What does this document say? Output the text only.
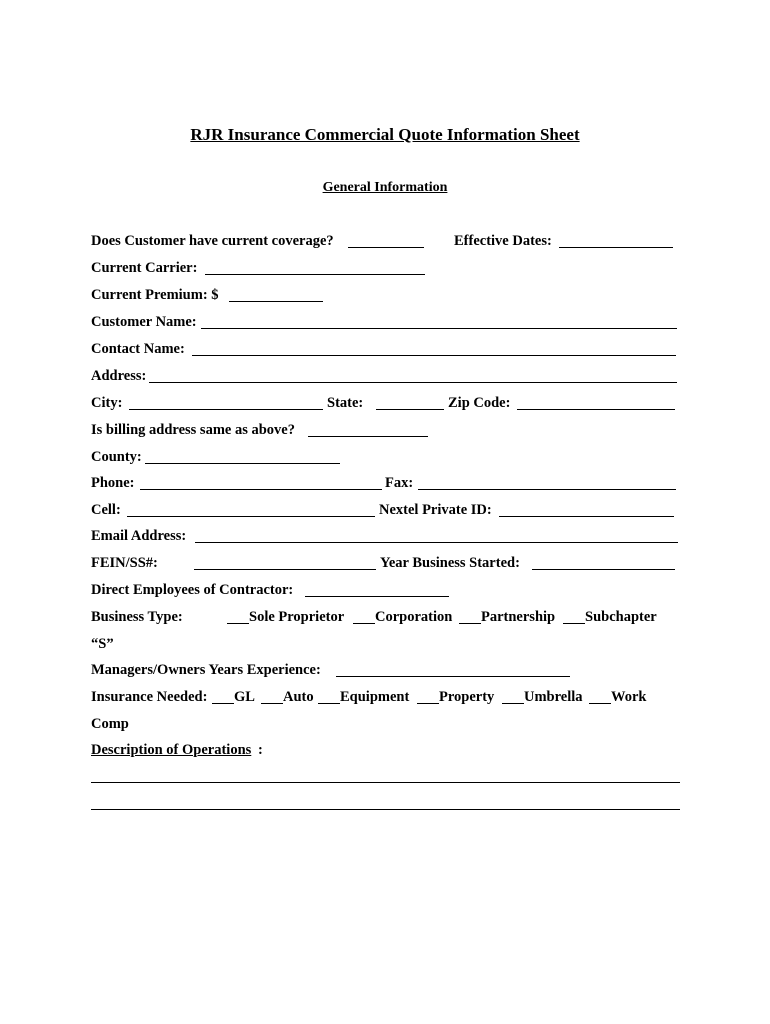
RJR Insurance Commercial Quote Information Sheet
General Information
Does Customer have current coverage?	Effective Dates:
Current Carrier:
Current Premium: $
Customer Name:
Contact Name:
Address:
City:	State:	Zip Code:
Is billing address same as above?
County:
Phone:	Fax:
Cell:	Nextel Private ID:
Email Address:
FEIN/SS#:	Year Business Started:
Direct Employees of Contractor:
Business Type:	Sole Proprietor Corporation Partnership Subchapter
“S”
Managers/Owners Years Experience:
Insurance Needed: GL Auto Equipment Property Umbrella Work
Comp
Description of Operations :
